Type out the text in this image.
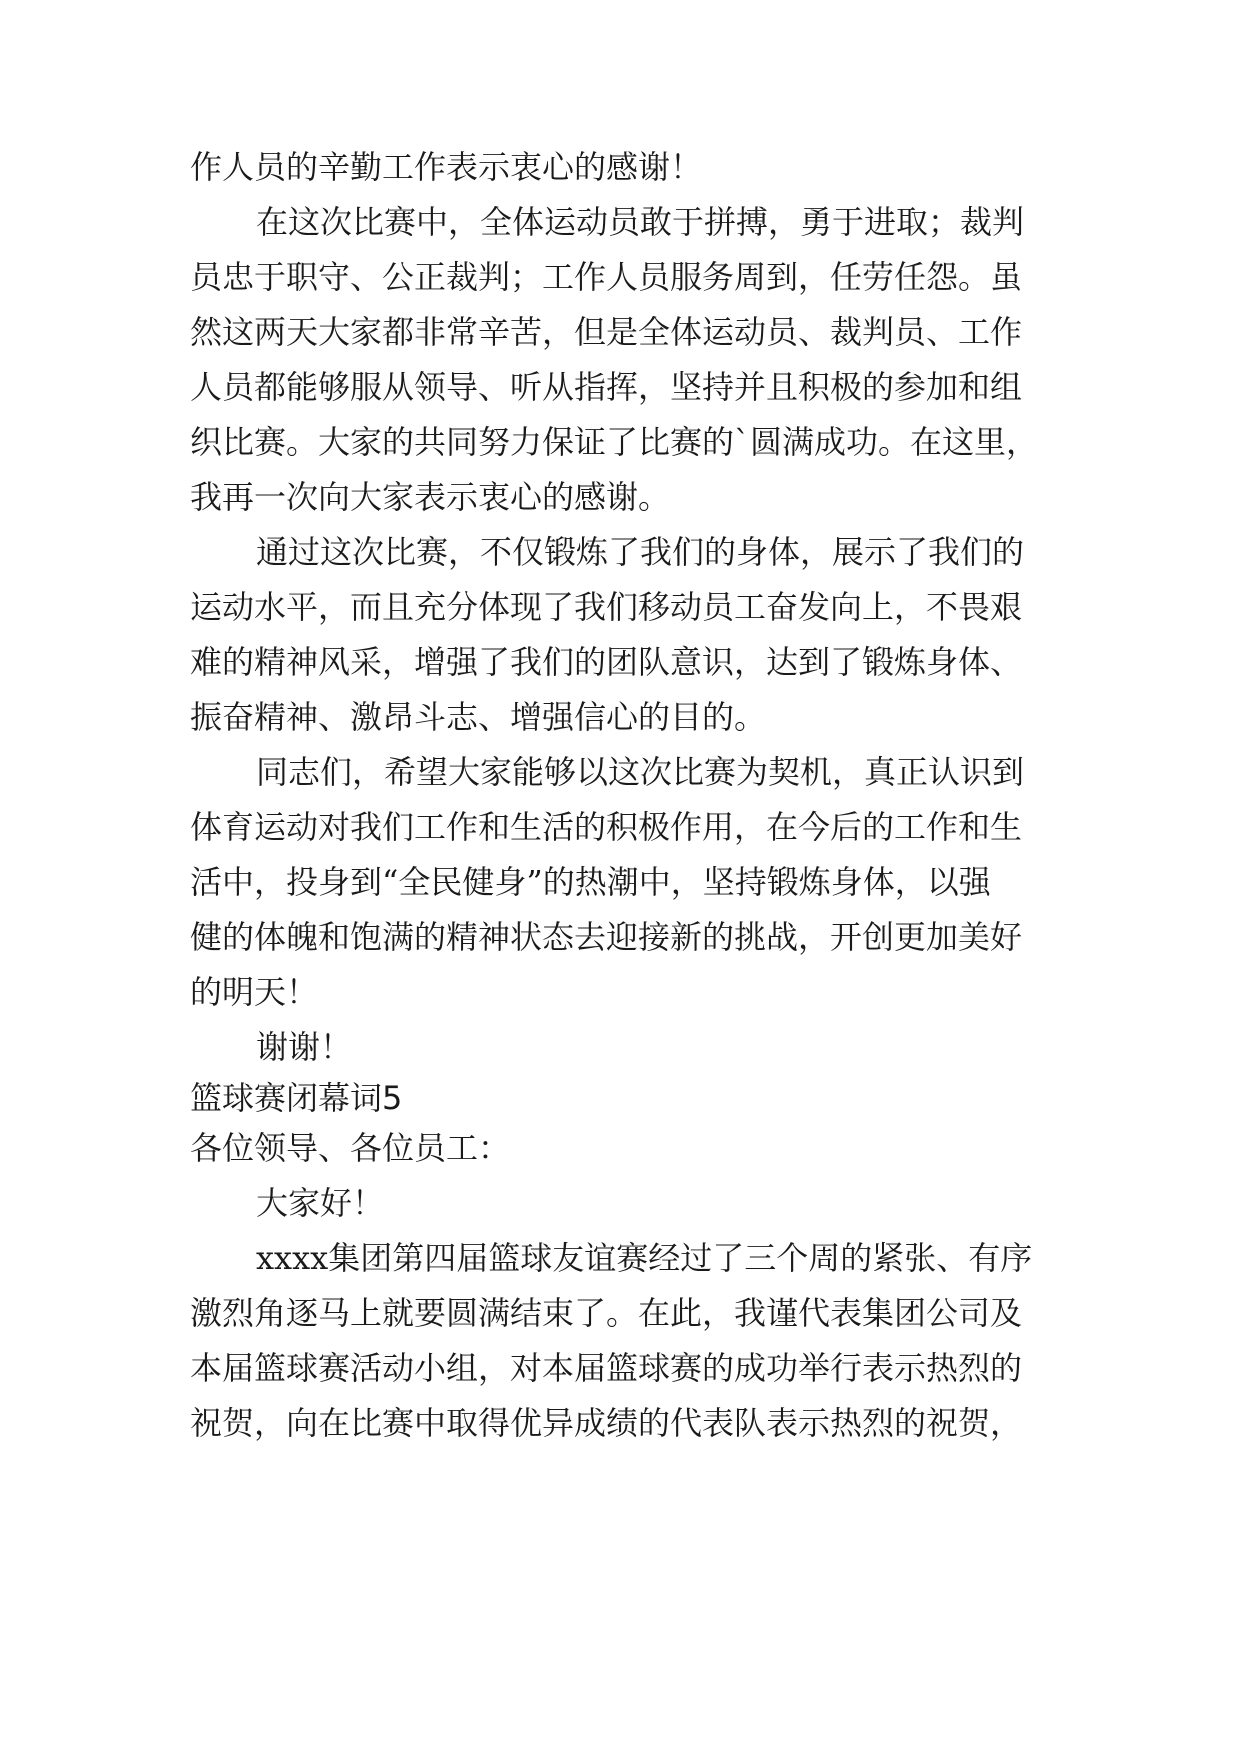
作人员的辛勤工作表示衷心的感谢！
在这次比赛中，全体运动员敢于拼搏，勇于进取；裁判
员忠于职守、公正裁判；工作人员服务周到，任劳任怨。虽
然这两天大家都非常辛苦，但是全体运动员、裁判员、工作
人员都能够服从领导、听从指挥，坚持并且积极的参加和组
织比赛。大家的共同努力保证了比赛的`圆满成功。在这里，
我再一次向大家表示衷心的感谢。
通过这次比赛，不仅锻炼了我们的身体，展示了我们的
运动水平，而且充分体现了我们移动员工奋发向上，不畏艰
难的精神风采，增强了我们的团队意识，达到了锻炼身体、
振奋精神、激昂斗志、增强信心的目的。
同志们，希望大家能够以这次比赛为契机，真正认识到
体育运动对我们工作和生活的积极作用，在今后的工作和生
活中，投身到“全民健身”的热潮中，坚持锻炼身体，以强
健的体魄和饱满的精神状态去迎接新的挑战，开创更加美好
的明天！
谢谢！
篮球赛闭幕词5
各位领导、各位员工：
大家好！
xxxx集团第四届篮球友谊赛经过了三个周的紧张、有序
激烈角逐马上就要圆满结束了。在此，我谨代表集团公司及
本届篮球赛活动小组，对本届篮球赛的成功举行表示热烈的
祝贺，向在比赛中取得优异成绩的代表队表示热烈的祝贺，
